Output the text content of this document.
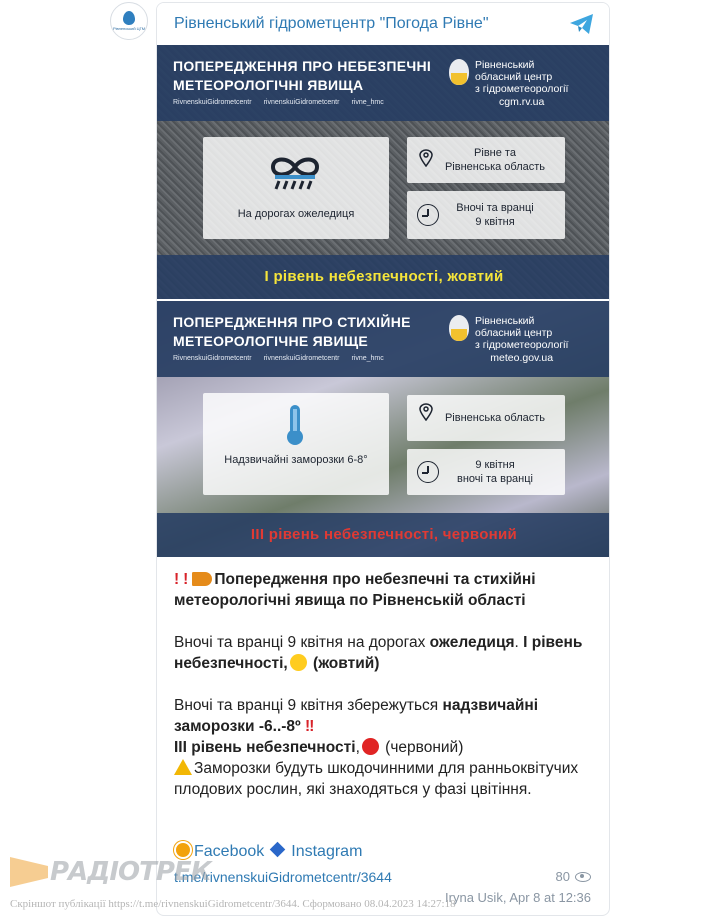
Рівненський ЦГМ Рівненський гідрометцентр "Погода Рівне"
ПОПЕРЕДЖЕННЯ ПРО НЕБЕЗПЕЧНІ
МЕТЕОРОЛОГІЧНІ ЯВИЩА
RivnenskuiGidrometcentr rivnenskuiGidrometcentr rivne_hmc
Рівненський
обласний центр
з гідрометеорології
cgm.rv.ua
На дорогах ожеледиця
Рівне та
Рівненська область
Вночі та вранці
9 квітня
І рівень небезпечності, жовтий
ПОПЕРЕДЖЕННЯ ПРО СТИХІЙНЕ
МЕТЕОРОЛОГІЧНЕ ЯВИЩЕ
RivnenskuiGidrometcentr rivnenskuiGidrometcentr rivne_hmc
Рівненський
обласний центр
з гідрометеорології
meteo.gov.ua
Надзвичайні заморозки 6-8°
Рівненська область
9 квітня
вночі та вранці
ІІІ рівень небезпечності, червоний

! ! Попередження про небезпечні та стихійні метеорологічні явища по Рівненській області

Вночі та вранці 9 квітня на дорогах ожеледиця. І рівень небезпечності, (жовтий)

Вночі та вранці 9 квітня збережуться надзвичайні заморозки -6..-8º ‼
ІІІ рівень небезпечності, (червоний)
Заморозки будуть шкодочинними для ранньоквітучих плодових рослин, які знаходяться у фазі цвітіння.

Facebook Instagram
t.me/rivnenskuiGidrometcentr/3644	80
Iryna Usik, Apr 8 at 12:36
РАДІОТРЕК
Скріншот публікації https://t.me/rivnenskuiGidrometcentr/3644. Сформовано 08.04.2023 14:27:18
